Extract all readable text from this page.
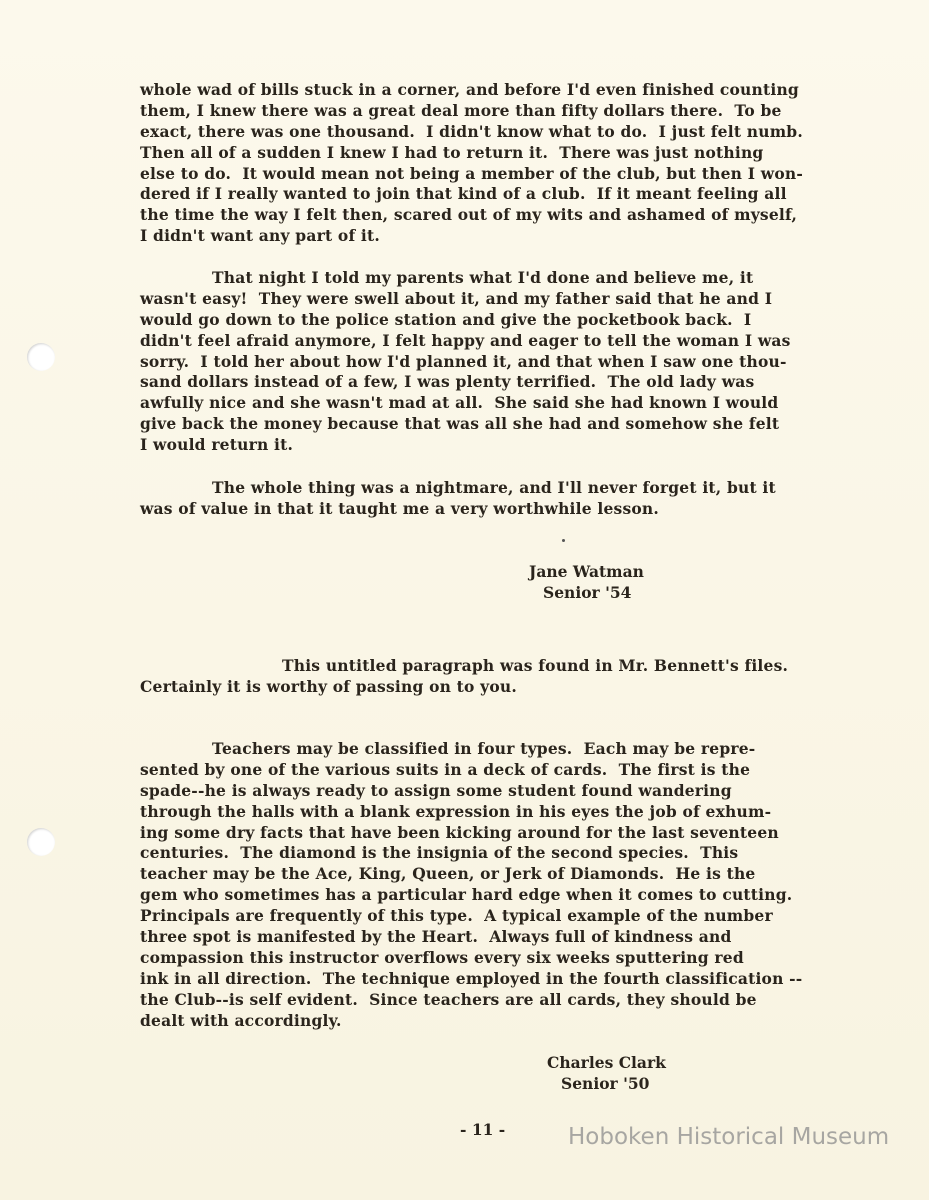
whole wad of bills stuck in a corner, and before I'd even finished counting
them, I knew there was a great deal more than fifty dollars there.  To be
exact, there was one thousand.  I didn't know what to do.  I just felt numb.
Then all of a sudden I knew I had to return it.  There was just nothing
else to do.  It would mean not being a member of the club, but then I won-
dered if I really wanted to join that kind of a club.  If it meant feeling all
the time the way I felt then, scared out of my wits and ashamed of myself,
I didn't want any part of it.
That night I told my parents what I'd done and believe me, it
wasn't easy!  They were swell about it, and my father said that he and I
would go down to the police station and give the pocketbook back.  I
didn't feel afraid anymore, I felt happy and eager to tell the woman I was
sorry.  I told her about how I'd planned it, and that when I saw one thou-
sand dollars instead of a few, I was plenty terrified.  The old lady was
awfully nice and she wasn't mad at all.  She said she had known I would
give back the money because that was all she had and somehow she felt
I would return it.
The whole thing was a nightmare, and I'll never forget it, but it
was of value in that it taught me a very worthwhile lesson.
Jane Watman
Senior '54
This untitled paragraph was found in Mr. Bennett's files.
Certainly it is worthy of passing on to you.
Teachers may be classified in four types.  Each may be repre-
sented by one of the various suits in a deck of cards.  The first is the
spade--he is always ready to assign some student found wandering
through the halls with a blank expression in his eyes the job of exhum-
ing some dry facts that have been kicking around for the last seventeen
centuries.  The diamond is the insignia of the second species.  This
teacher may be the Ace, King, Queen, or Jerk of Diamonds.  He is the
gem who sometimes has a particular hard edge when it comes to cutting.
Principals are frequently of this type.  A typical example of the number
three spot is manifested by the Heart.  Always full of kindness and
compassion this instructor overflows every six weeks sputtering red
ink in all direction.  The technique employed in the fourth classification --
the Club--is self evident.  Since teachers are all cards, they should be
dealt with accordingly.
Charles Clark
Senior '50
- 11 -	Hoboken Historical Museum
